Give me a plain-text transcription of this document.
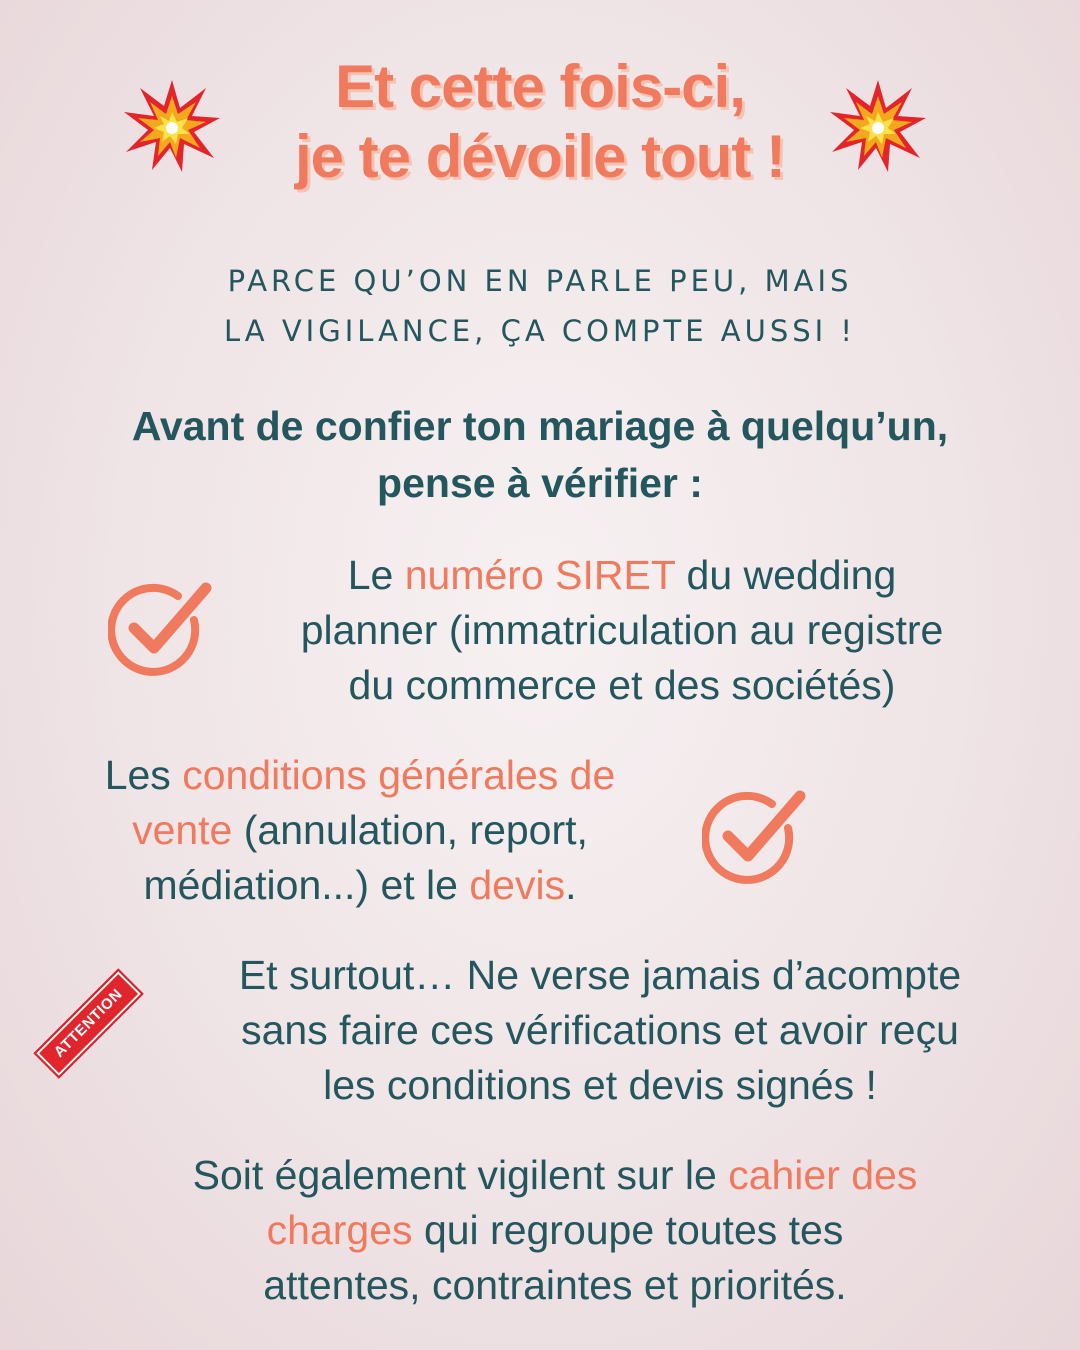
Et cette fois-ci,
je te dévoile tout !
PARCE QU’ON EN PARLE PEU, MAIS
LA VIGILANCE, ÇA COMPTE AUSSI !
Avant de confier ton mariage à quelqu’un,
pense à vérifier :
Le numéro SIRET du wedding
planner (immatriculation au registre
du commerce et des sociétés)
Les conditions générales de
vente (annulation, report,
médiation...) et le devis.
ATTENTION
Et surtout… Ne verse jamais d’acompte
sans faire ces vérifications et avoir reçu
les conditions et devis signés !
Soit également vigilent sur le cahier des
charges qui regroupe toutes tes
attentes, contraintes et priorités.
